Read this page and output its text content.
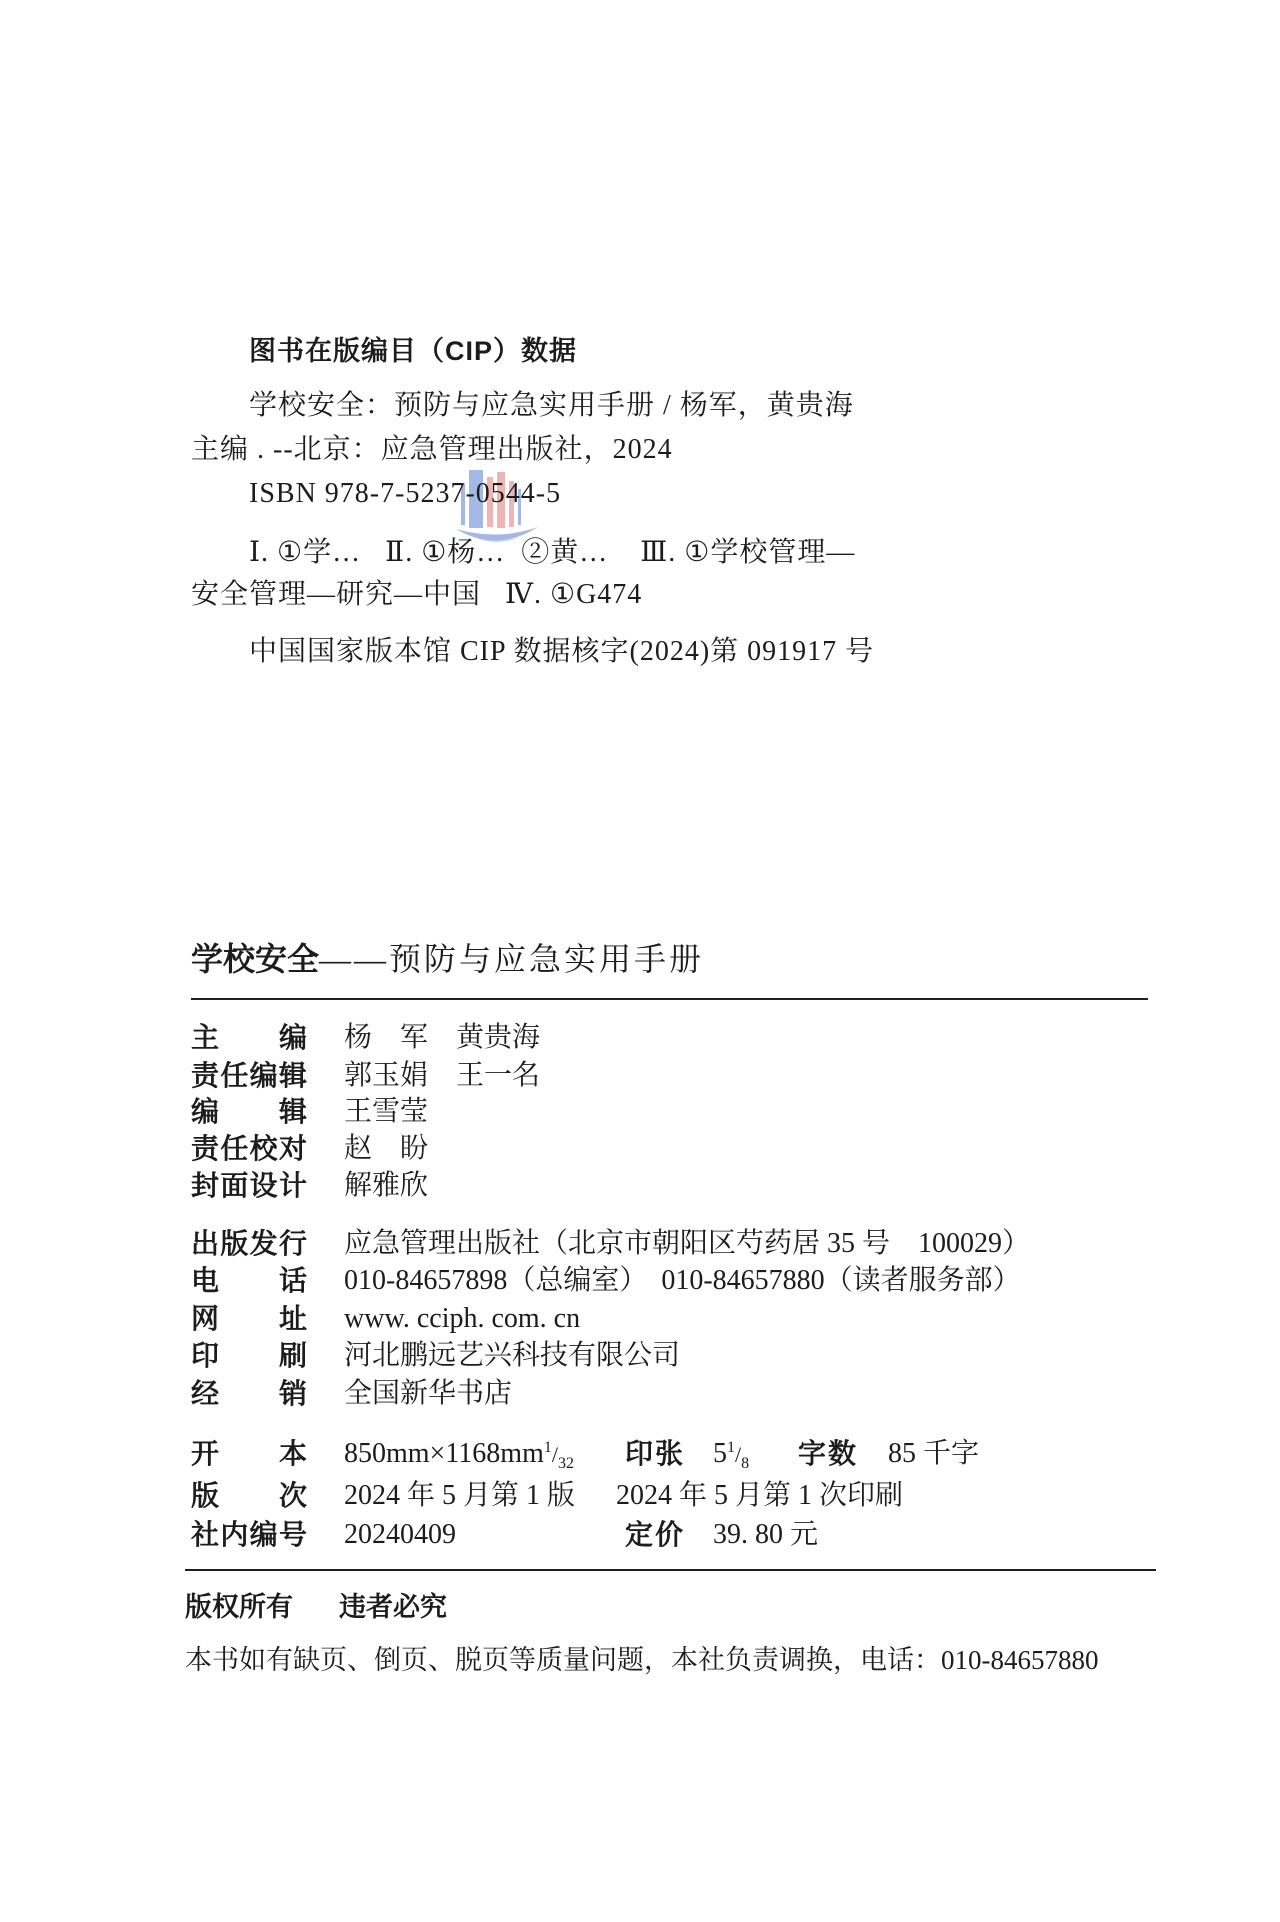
图书在版编目（CIP）数据
学校安全：预防与应急实用手册 / 杨军，黄贵海
主编 . --北京：应急管理出版社，2024
ISBN 978-7-5237-0544-5
Ⅰ. ①学…   Ⅱ. ①杨…  ②黄…    Ⅲ. ①学校管理—
安全管理—研究—中国   Ⅳ. ①G474
中国国家版本馆 CIP 数据核字(2024)第 091917 号
学校安全——预防与应急实用手册
主编 杨　军　黄贵海
责任编辑 郭玉娟　王一名
编辑 王雪莹
责任校对 赵　盼
封面设计 解雅欣
出版发行 应急管理出版社（北京市朝阳区芍药居 35 号　100029）
电话 010-84657898（总编室）　010-84657880（读者服务部）
网址 www. cciph. com. cn
印刷 河北鹏远艺兴科技有限公司
经销 全国新华书店
开本 $850mm\times 1168mm^1/_{32}$ 印张 $5^1/_8$ 字数 85 千字
版次 2024 年 5 月第 1 版 2024 年 5 月第 1 次印刷
社内编号 20240409	定价 39. 80 元
版权所有 违者必究
本书如有缺页、倒页、脱页等质量问题，本社负责调换，电话：010-84657880
